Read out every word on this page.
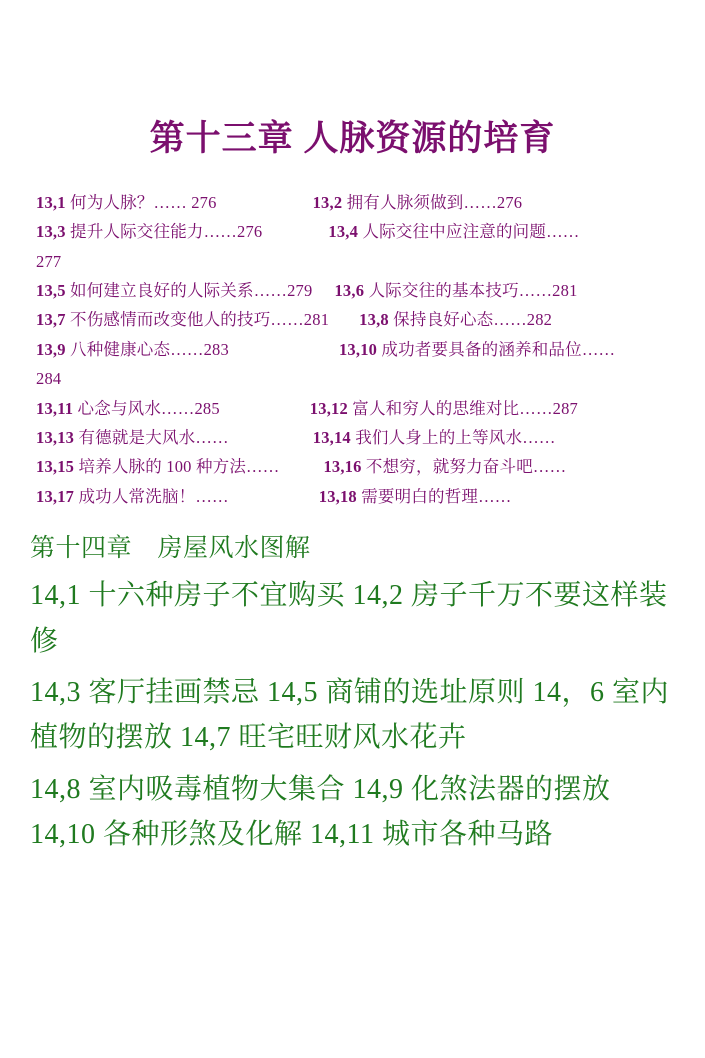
第十三章 人脉资源的培育
13,1 何为人脉？…… 276	13,2 拥有人脉须做到……276
13,3 提升人际交往能力……276	13,4 人际交往中应注意的问题……
277
13,5 如何建立良好的人际关系……279 13,6 人际交往的基本技巧……281
13,7 不伤感情而改变他人的技巧……281 13,8 保持良好心态……282
13,9 八种健康心态……283	13,10 成功者要具备的涵养和品位……
284
13,11 心念与风水……285	13,12 富人和穷人的思维对比……287
13,13 有德就是大风水……	13,14 我们人身上的上等风水……
13,15 培养人脉的 100 种方法……	13,16 不想穷，就努力奋斗吧……
13,17 成功人常洗脑！……	13,18 需要明白的哲理……
第十四章　房屋风水图解
14,1 十六种房子不宜购买 14,2 房子千万不要这样装修
14,3 客厅挂画禁忌 14,5 商铺的选址原则 14，6 室内植物的摆放 14,7 旺宅旺财风水花卉
14,8 室内吸毒植物大集合 14,9 化煞法器的摆放 14,10 各种形煞及化解 14,11 城市各种马路
